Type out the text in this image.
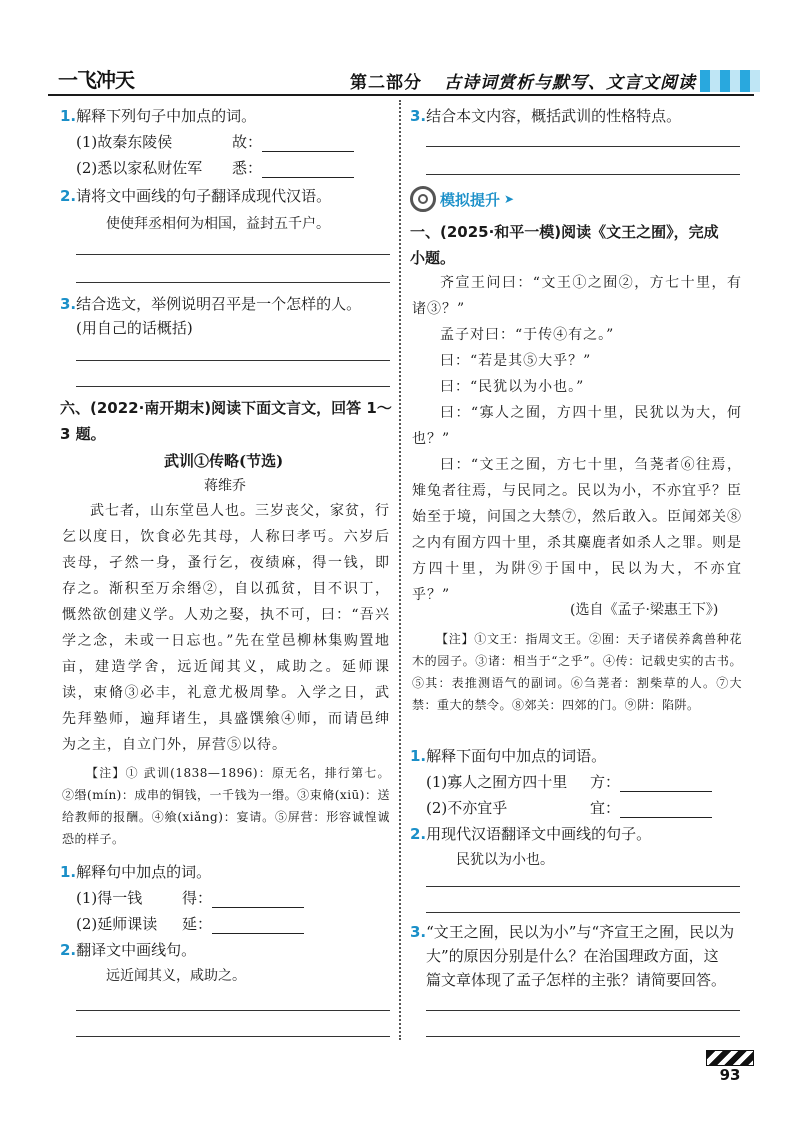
一飞冲天	第二部分 古诗词赏析与默写、文言文阅读
1.解释下列句子中加点的词。
(1)故秦东陵侯	故：
(2)悉以家私财佐军 悉：
2.请将文中画线的句子翻译成现代汉语。
使使拜丞相何为相国，益封五千户。
3.结合选文，举例说明召平是一个怎样的人。
(用自己的话概括)
六、(2022·南开期末)阅读下面文言文，回答 1～
3 题。
武训①传略(节选)
蒋维乔
武七者，山东堂邑人也。三岁丧父，家贫，行乞以度日，饮食必先其母，人称曰孝丐。六岁后丧母，孑然一身，蚤行乞，夜绩麻，得一钱，即存之。渐积至万余缗②，自以孤贫，目不识丁，慨然欲创建义学。人劝之娶，执不可，曰：“吾兴学之念，未或一日忘也。”先在堂邑柳林集购置地亩，建造学舍，远近闻其义，咸助之。延师课读，束脩③必丰，礼意尤极周挚。入学之日，武先拜塾师，遍拜诸生，具盛馔飨④师，而请邑绅为之主，自立门外，屏营⑤以待。
【注】① 武训(1838—1896)：原无名，排行第七。②缗(mín)：成串的铜钱，一千钱为一缗。③束脩(xiū)：送给教师的报酬。④飨(xiǎng)：宴请。⑤屏营：形容诚惶诚恐的样子。
1.解释句中加点的词。
(1)得一钱	得：
(2)延师课读 延：
2.翻译文中画线句。
远近闻其义，咸助之。
3.结合本文内容，概括武训的性格特点。
模拟提升 ➤
一、(2025·和平一模)阅读《文王之囿》，完成
小题。
齐宣王问曰：“文王①之囿②，方七十里，有诸③？”
孟子对曰：“于传④有之。”
曰：“若是其⑤大乎？”
曰：“民犹以为小也。”
曰：“寡人之囿，方四十里，民犹以为大，何也？”
曰：“文王之囿，方七十里，刍荛者⑥往焉，雉兔者往焉，与民同之。民以为小，不亦宜乎？臣始至于境，问国之大禁⑦，然后敢入。臣闻郊关⑧之内有囿方四十里，杀其麋鹿者如杀人之罪。则是方四十里，为阱⑨于国中，民以为大，不亦宜乎？”
(选自《孟子·梁惠王下》)
【注】①文王：指周文王。②囿：天子诸侯养禽兽种花木的园子。③诸：相当于“之乎”。④传：记载史实的古书。⑤其：表推测语气的副词。⑥刍荛者：割柴草的人。⑦大禁：重大的禁令。⑧郊关：四郊的门。⑨阱：陷阱。
1.解释下面句中加点的词语。
(1)寡人之囿方四十里 方：
(2)不亦宜乎	宜：
2.用现代汉语翻译文中画线的句子。
民犹以为小也。
3.“文王之囿，民以为小”与“齐宣王之囿，民以为
大”的原因分别是什么？在治国理政方面，这
篇文章体现了孟子怎样的主张？请简要回答。
93
